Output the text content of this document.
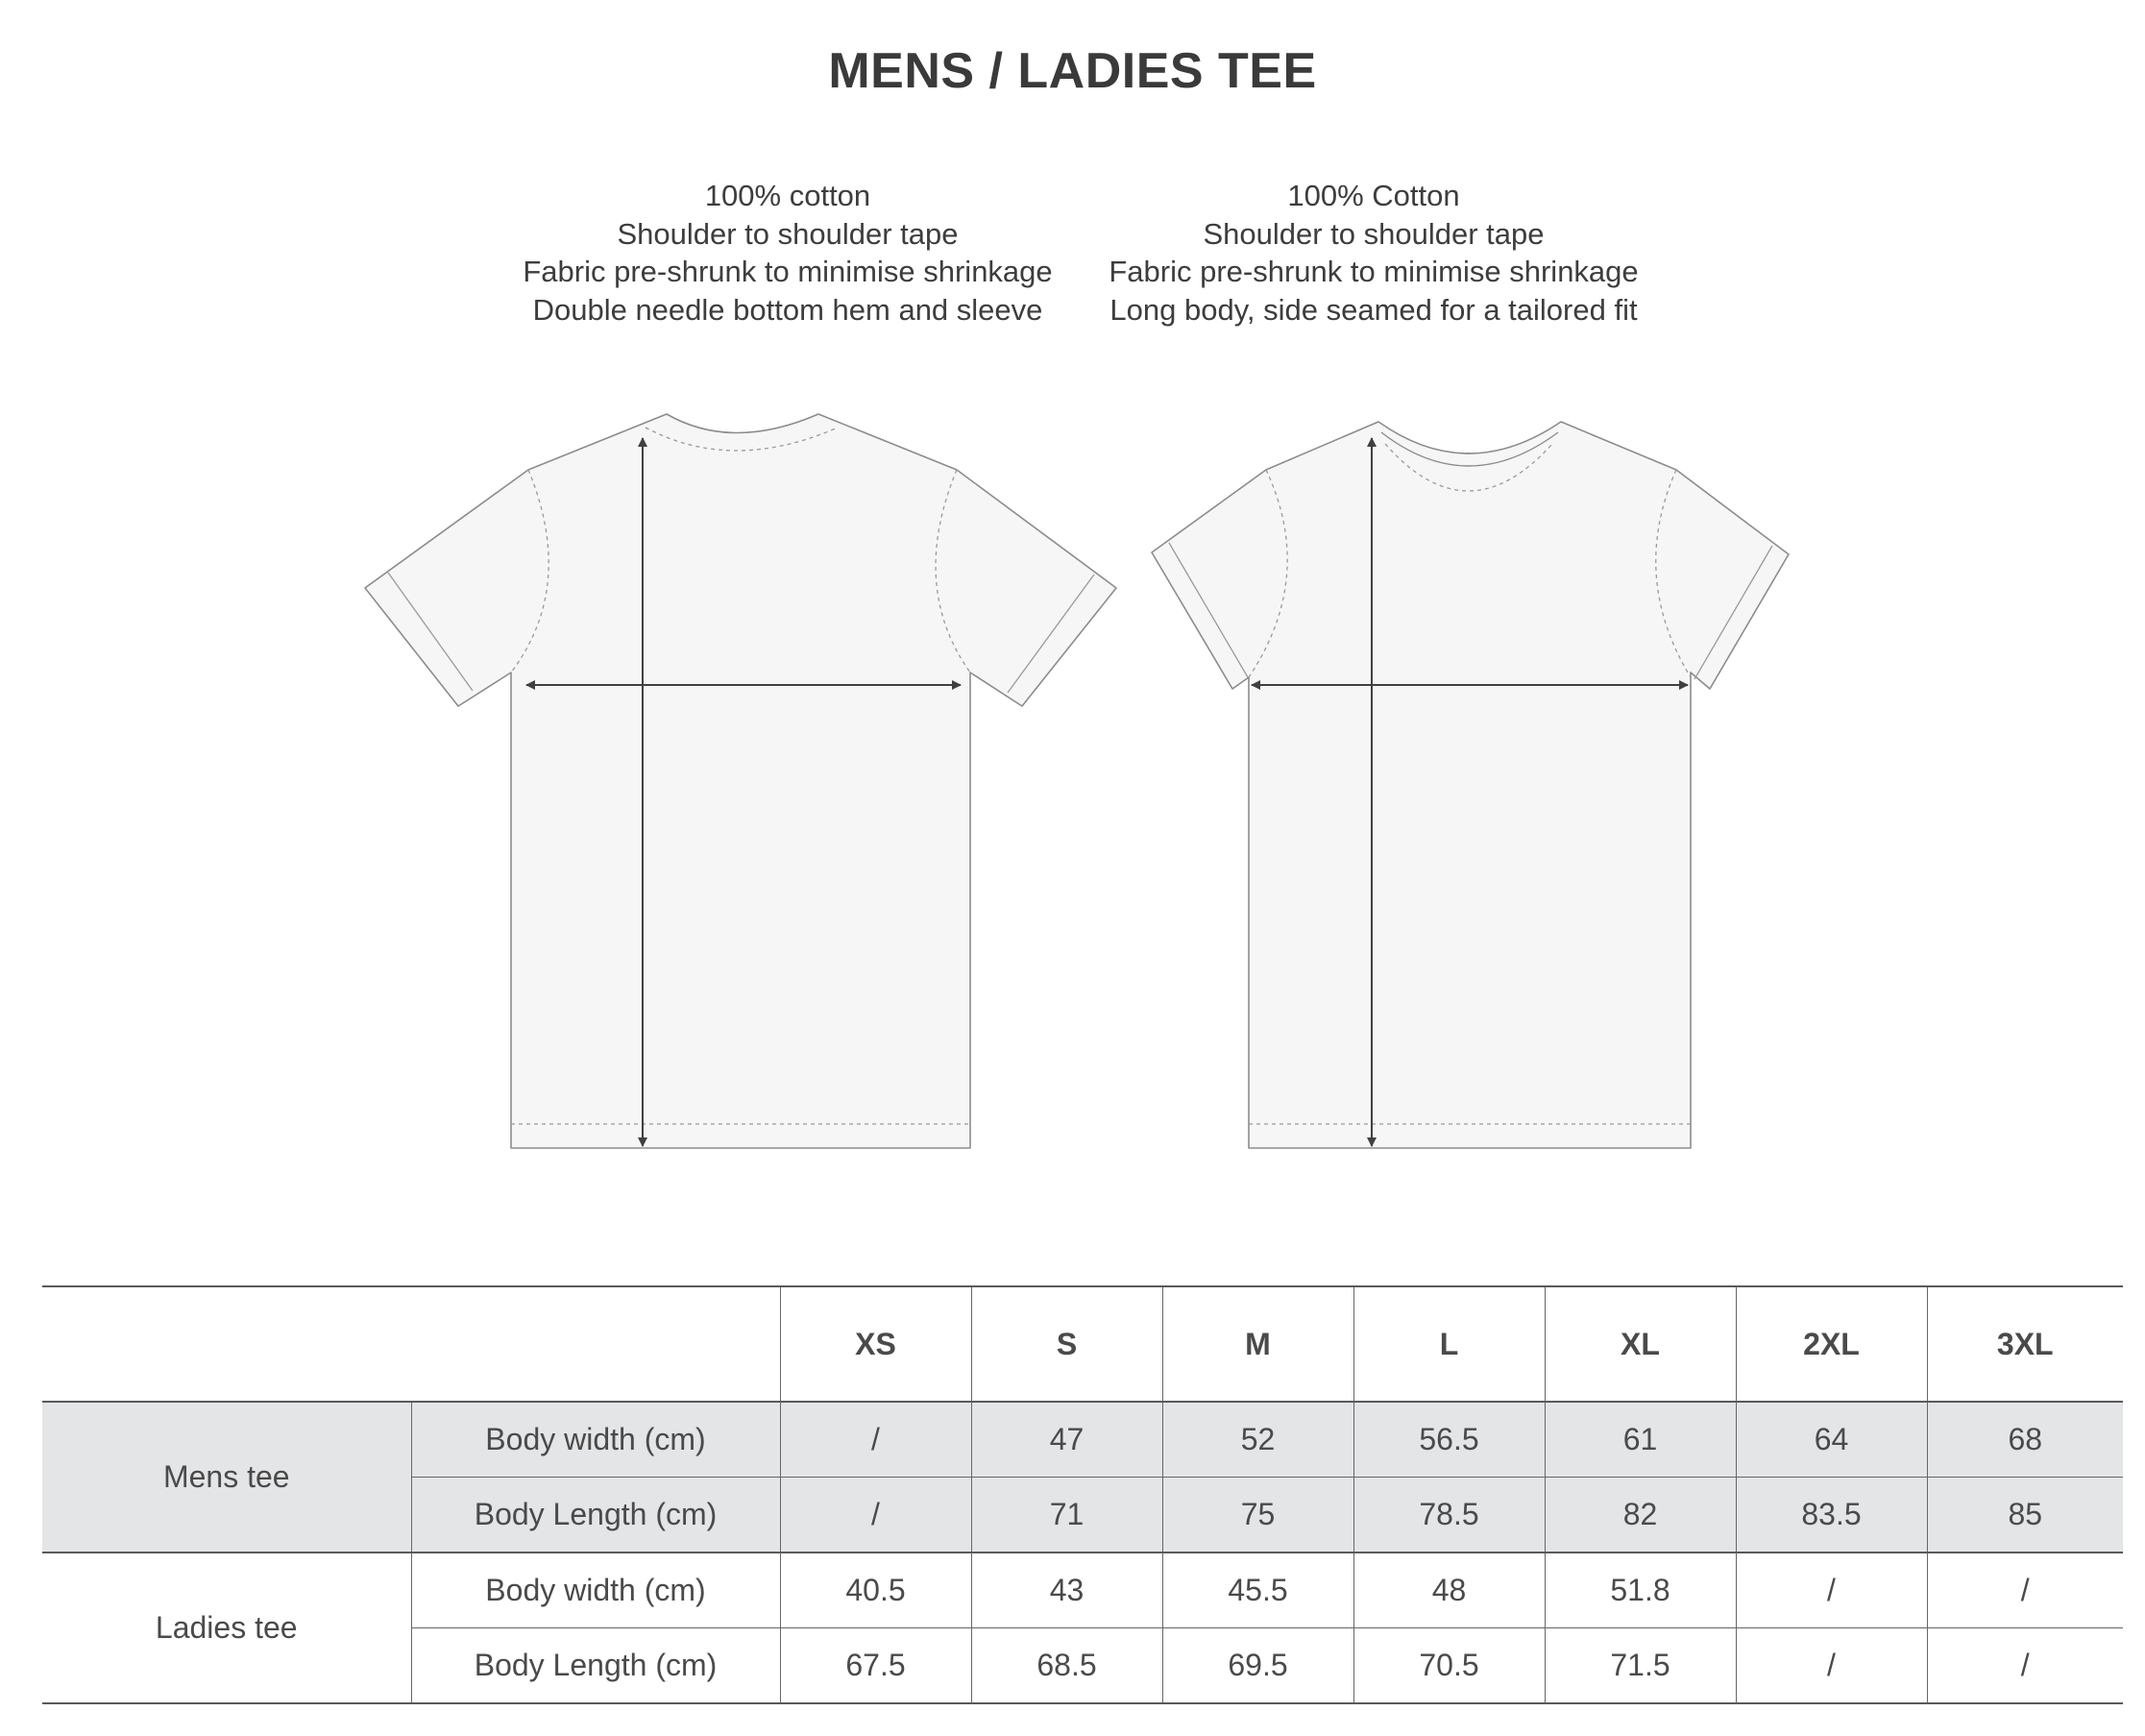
MENS / LADIES TEE
100% cotton
Shoulder to shoulder tape
Fabric pre-shrunk to minimise shrinkage
Double needle bottom hem and sleeve
100% Cotton
Shoulder to shoulder tape
Fabric pre-shrunk to minimise shrinkage
Long body, side seamed for a tailored fit
		XS	S	M	L	XL	2XL	3XL
Mens tee	Body width (cm)	/	47	52	56.5	61	64	68
	Body Length (cm)	/	71	75	78.5	82	83.5	85
Ladies tee	Body width (cm)	40.5	43	45.5	48	51.8	/	/
	Body Length (cm)	67.5	68.5	69.5	70.5	71.5	/	/
